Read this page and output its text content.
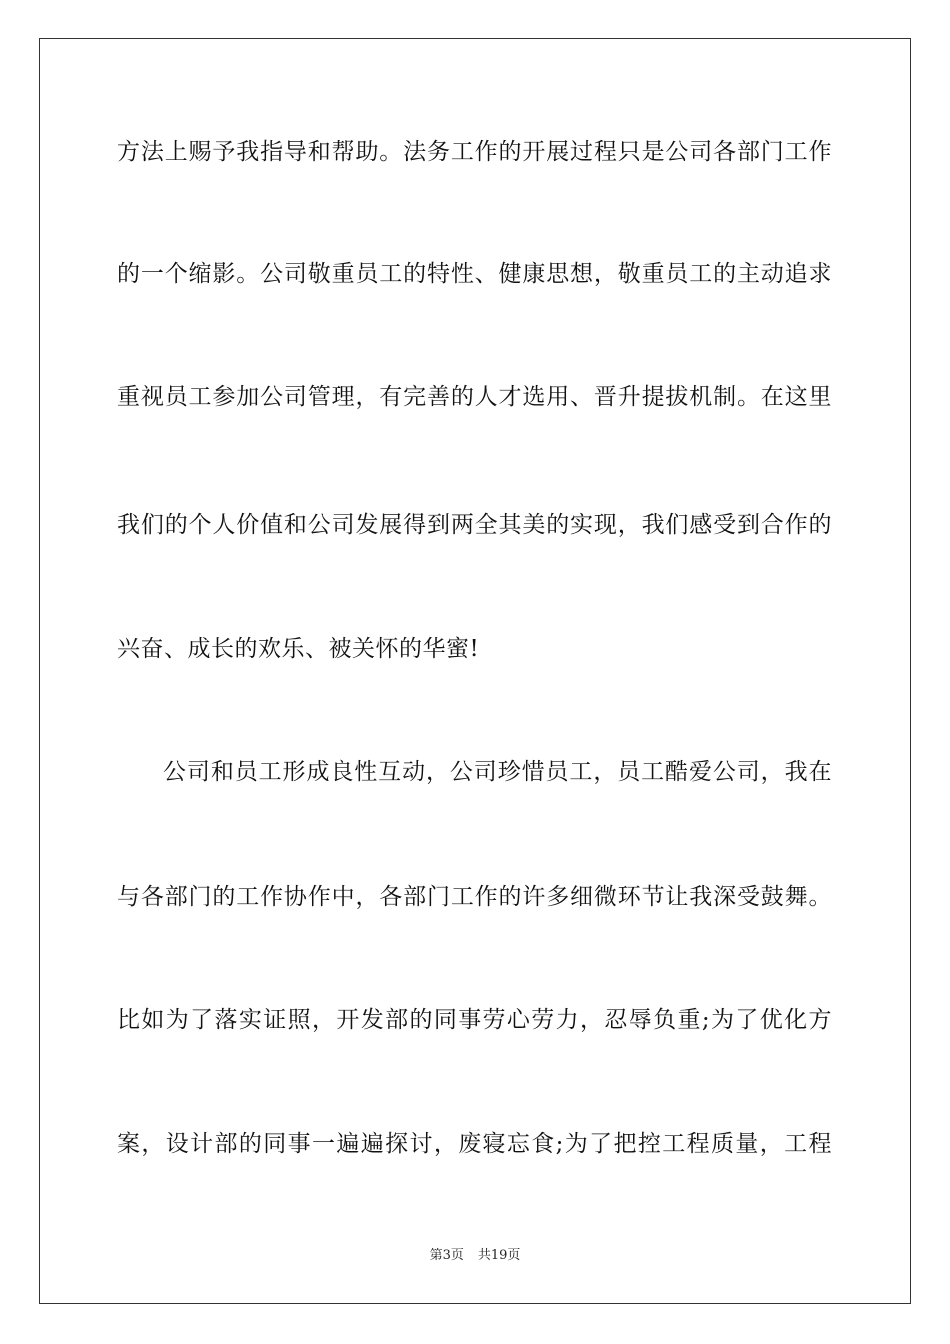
方法上赐予我指导和帮助。法务工作的开展过程只是公司各部门工作
的一个缩影。公司敬重员工的特性、健康思想，敬重员工的主动追求
重视员工参加公司管理，有完善的人才选用、晋升提拔机制。在这里
我们的个人价值和公司发展得到两全其美的实现，我们感受到合作的
兴奋、成长的欢乐、被关怀的华蜜!
公司和员工形成良性互动，公司珍惜员工，员工酷爱公司，我在
与各部门的工作协作中，各部门工作的许多细微环节让我深受鼓舞。
比如为了落实证照，开发部的同事劳心劳力，忍辱负重;为了优化方
案，设计部的同事一遍遍探讨，废寝忘食;为了把控工程质量，工程
第3页 共19页
